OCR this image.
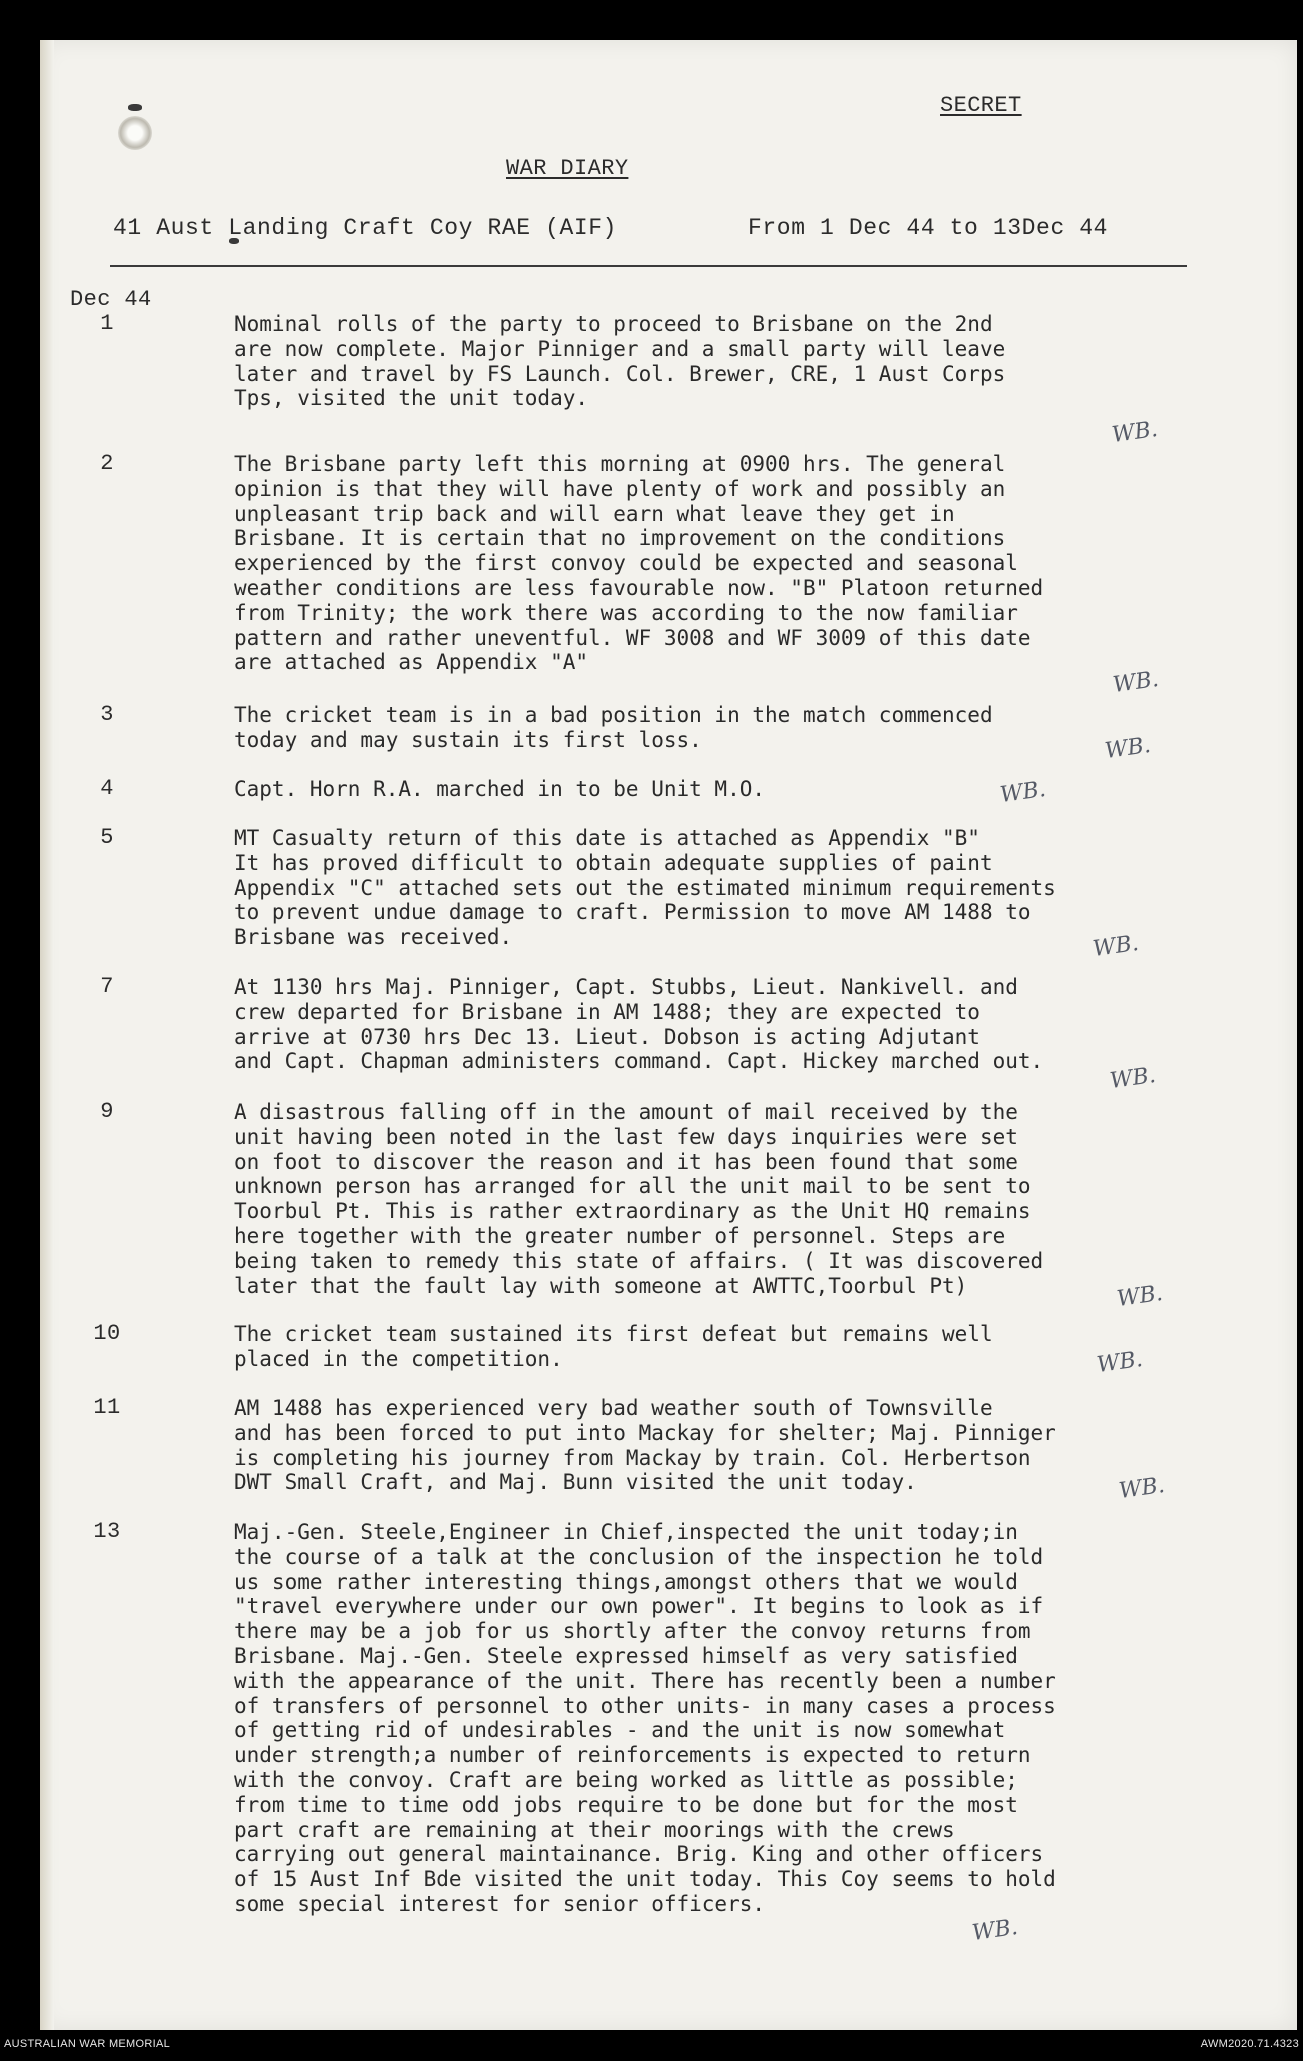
SECRET
WAR DIARY
41 Aust Landing Craft Coy RAE (AIF)	From 1 Dec 44 to 13Dec 44
Dec 44
1	Nominal rolls of the party to proceed to Brisbane on the 2nd
are now complete. Major Pinniger and a small party will leave
later and travel by FS Launch. Col. Brewer, CRE, 1 Aust Corps
Tps, visited the unit today.
2	The Brisbane party left this morning at 0900 hrs. The general
opinion is that they will have plenty of work and possibly an
unpleasant trip back and will earn what leave they get in
Brisbane. It is certain that no improvement on the conditions
experienced by the first convoy could be expected and seasonal
weather conditions are less favourable now. "B" Platoon returned
from Trinity; the work there was according to the now familiar
pattern and rather uneventful. WF 3008 and WF 3009 of this date
are attached as Appendix "A"
3	The cricket team is in a bad position in the match commenced
today and may sustain its first loss.
4	Capt. Horn R.A. marched in to be Unit M.O.
5	MT Casualty return of this date is attached as Appendix "B"
It has proved difficult to obtain adequate supplies of paint
Appendix "C" attached sets out the estimated minimum requirements
to prevent undue damage to craft. Permission to move AM 1488 to
Brisbane was received.
7	At 1130 hrs Maj. Pinniger, Capt. Stubbs, Lieut. Nankivell. and
crew departed for Brisbane in AM 1488; they are expected to
arrive at 0730 hrs Dec 13. Lieut. Dobson is acting Adjutant
and Capt. Chapman administers command. Capt. Hickey marched out.
9	A disastrous falling off in the amount of mail received by the
unit having been noted in the last few days inquiries were set
on foot to discover the reason and it has been found that some
unknown person has arranged for all the unit mail to be sent to
Toorbul Pt. This is rather extraordinary as the Unit HQ remains
here together with the greater number of personnel. Steps are
being taken to remedy this state of affairs. ( It was discovered
later that the fault lay with someone at AWTTC,Toorbul Pt)
10	The cricket team sustained its first defeat but remains well
placed in the competition.
11	AM 1488 has experienced very bad weather south of Townsville
and has been forced to put into Mackay for shelter; Maj. Pinniger
is completing his journey from Mackay by train. Col. Herbertson
DWT Small Craft, and Maj. Bunn visited the unit today.
13	Maj.-Gen. Steele,Engineer in Chief,inspected the unit today;in
the course of a talk at the conclusion of the inspection he told
us some rather interesting things,amongst others that we would
"travel everywhere under our own power". It begins to look as if
there may be a job for us shortly after the convoy returns from
Brisbane. Maj.-Gen. Steele expressed himself as very satisfied
with the appearance of the unit. There has recently been a number
of transfers of personnel to other units- in many cases a process
of getting rid of undesirables - and the unit is now somewhat
under strength;a number of reinforcements is expected to return
with the convoy. Craft are being worked as little as possible;
from time to time odd jobs require to be done but for the most
part craft are remaining at their moorings with the crews
carrying out general maintainance. Brig. King and other officers
of 15 Aust Inf Bde visited the unit today. This Coy seems to hold
some special interest for senior officers.
WB.
WB.
WB.
WB.
WB.
WB.
WB.
WB.
WB.
WB.
AUSTRALIAN WAR MEMORIAL	AWM2020.71.4323
